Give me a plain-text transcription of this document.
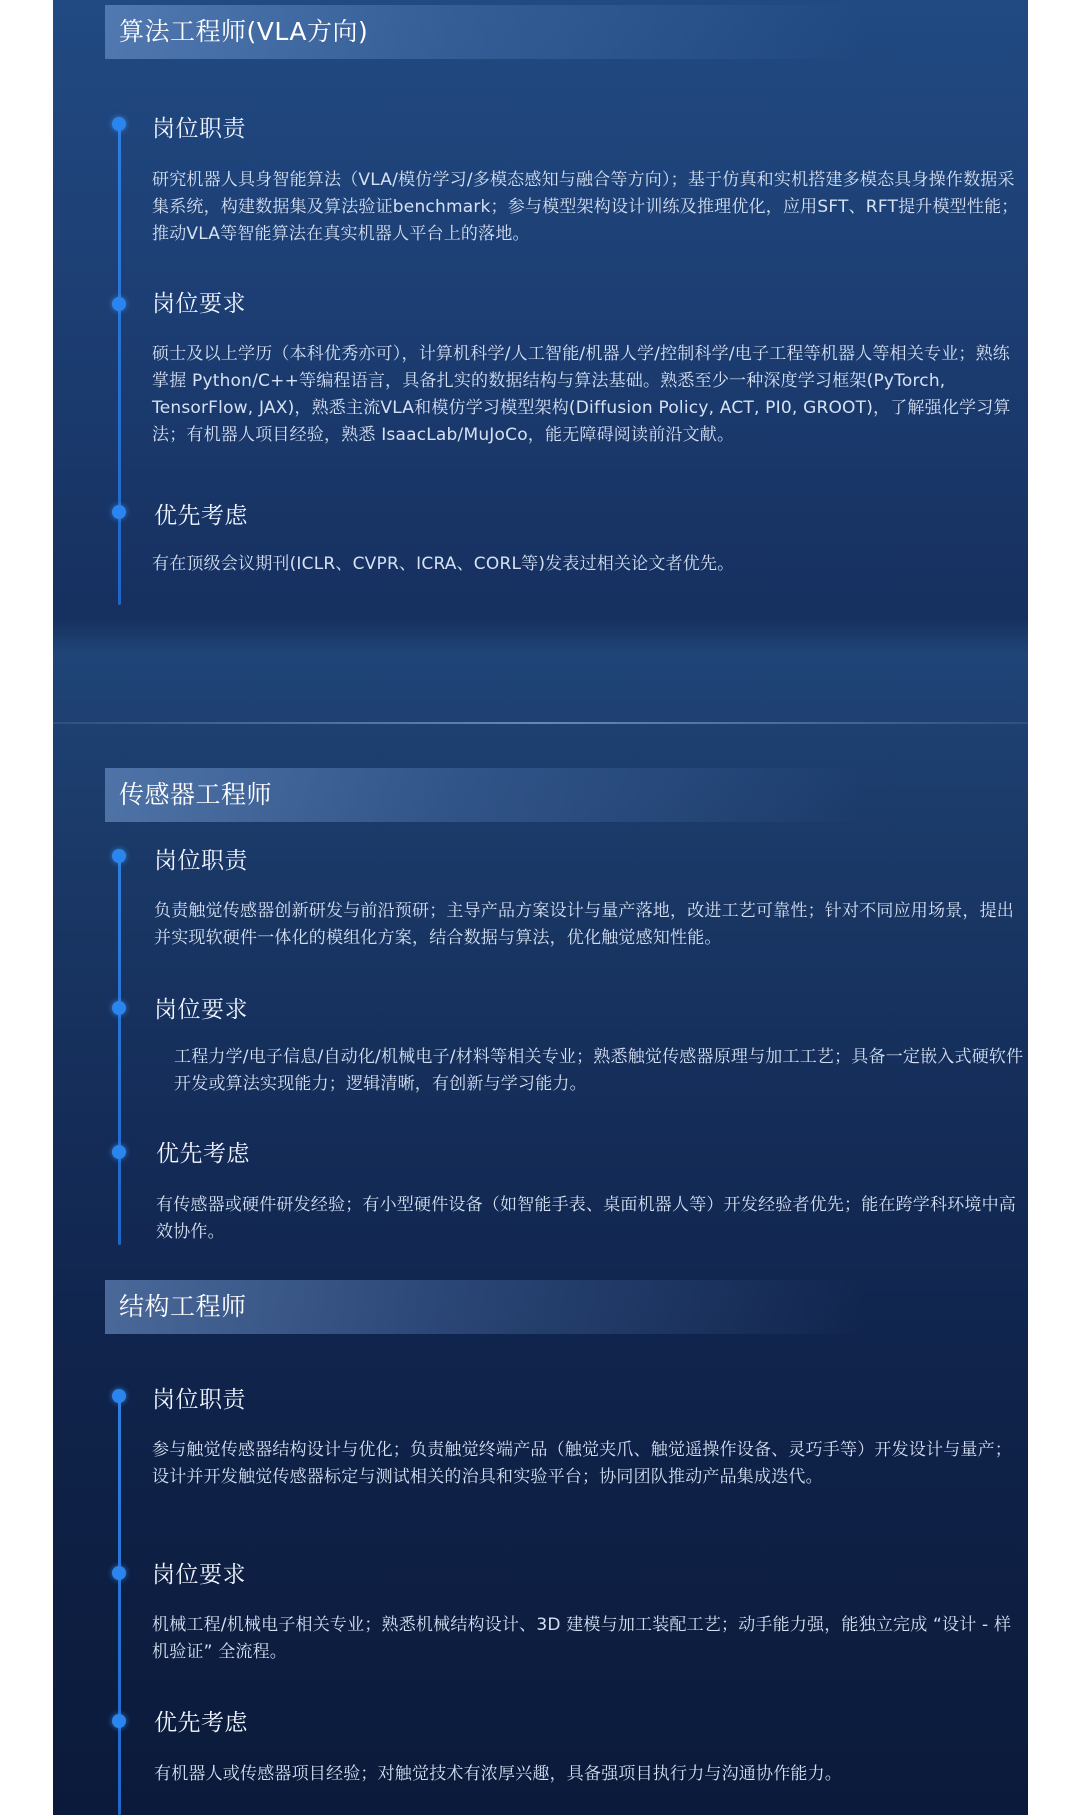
算法工程师(VLA方向)
岗位职责
研究机器人具身智能算法（VLA/模仿学习/多模态感知与融合等方向）；基于仿真和实机搭建多模态具身操作数据采集系统，构建数据集及算法验证benchmark；参与模型架构设计训练及推理优化，应用SFT、RFT提升模型性能；推动VLA等智能算法在真实机器人平台上的落地。
岗位要求
硕士及以上学历（本科优秀亦可），计算机科学/人工智能/机器人学/控制科学/电子工程等机器人等相关专业；熟练掌握 Python/C++等编程语言，具备扎实的数据结构与算法基础。熟悉至少一种深度学习框架(PyTorch, TensorFlow, JAX)，熟悉主流VLA和模仿学习模型架构(Diffusion Policy, ACT, PI0, GROOT)，了解强化学习算法；有机器人项目经验，熟悉 IsaacLab/MuJoCo，能无障碍阅读前沿文献。
优先考虑
有在顶级会议期刊(ICLR、CVPR、ICRA、CORL等)发表过相关论文者优先。
传感器工程师
岗位职责
负责触觉传感器创新研发与前沿预研；主导产品方案设计与量产落地，改进工艺可靠性；针对不同应用场景，提出并实现软硬件一体化的模组化方案，结合数据与算法，优化触觉感知性能。
岗位要求
工程力学/电子信息/自动化/机械电子/材料等相关专业；熟悉触觉传感器原理与加工工艺；具备一定嵌入式硬软件开发或算法实现能力；逻辑清晰，有创新与学习能力。
优先考虑
有传感器或硬件研发经验；有小型硬件设备（如智能手表、桌面机器人等）开发经验者优先；能在跨学科环境中高效协作。
结构工程师
岗位职责
参与触觉传感器结构设计与优化；负责触觉终端产品（触觉夹爪、触觉遥操作设备、灵巧手等）开发设计与量产；设计并开发触觉传感器标定与测试相关的治具和实验平台；协同团队推动产品集成迭代。
岗位要求
机械工程/机械电子相关专业；熟悉机械结构设计、3D 建模与加工装配工艺；动手能力强，能独立完成 “设计 - 样机验证” 全流程。
优先考虑
有机器人或传感器项目经验；对触觉技术有浓厚兴趣，具备强项目执行力与沟通协作能力。
